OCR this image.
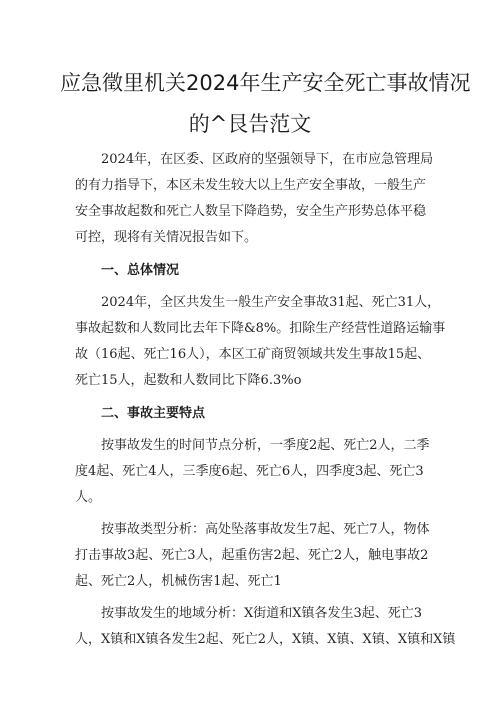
应急徵里机关2024年生产安全死亡事故情况
的^艮告范文
2024年，在区委、区政府的坚强领导下，在市应急管理局
的有力指导下，本区未发生较大以上生产安全事故，一般生产
安全事故起数和死亡人数呈下降趋势，安全生产形势总体平稳
可控，现将有关情况报告如下。
一、总体情况
2024年，全区共发生一般生产安全事故31起、死亡31人，
事故起数和人数同比去年下降&8%。扣除生产经营性道路运输事
故（16起、死亡16人），本区工矿商贸领域共发生事故15起、
死亡15人，起数和人数同比下降6.3%o
二、事故主要特点
按事故发生的时间节点分析，一季度2起、死亡2人，二季
度4起、死亡4人，三季度6起、死亡6人，四季度3起、死亡3
人。
按事故类型分析：高处坠落事故发生7起、死亡7人，物体
打击事故3起、死亡3人，起重伤害2起、死亡2人，触电事故2
起、死亡2人，机械伤害1起、死亡1
按事故发生的地域分析：X街道和X镇各发生3起、死亡3
人，X镇和X镇各发生2起、死亡2人，X镇、X镇、X镇、X镇和X镇
